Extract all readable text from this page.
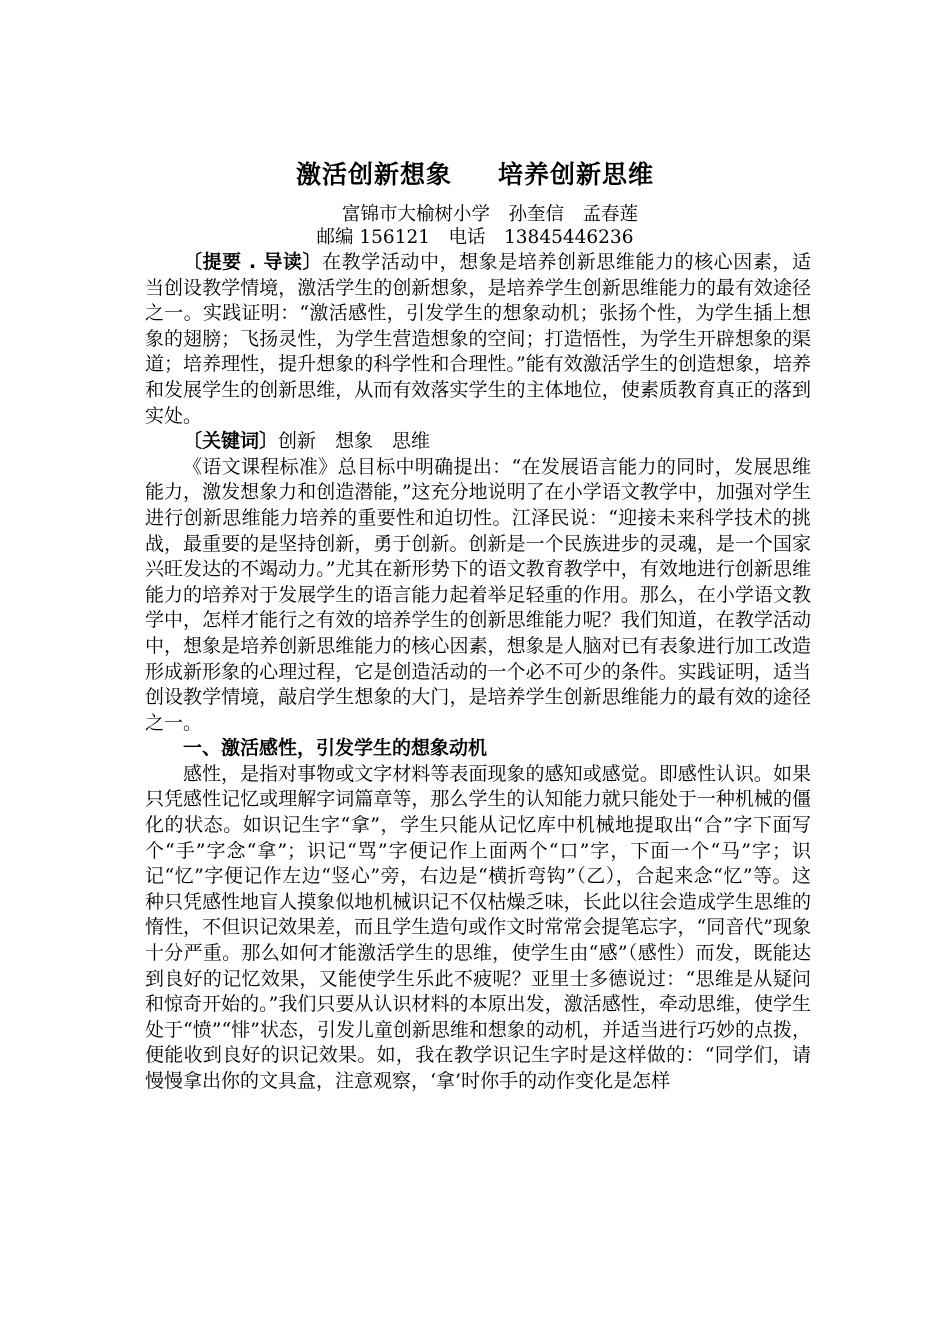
激活创新想象 培养创新思维
富锦市大榆树小学　孙奎信　孟春莲
邮编 156121　电话　13845446236

〔提要 . 导读〕在教学活动中，想象是培养创新思维能力的核心因素，适当创设教学情境，激活学生的创新想象，是培养学生创新思维能力的最有效途径之一。实践证明：“激活感性，引发学生的想象动机；张扬个性，为学生插上想象的翅膀；飞扬灵性，为学生营造想象的空间；打造悟性，为学生开辟想象的渠道；培养理性，提升想象的科学性和合理性。”能有效激活学生的创造想象，培养和发展学生的创新思维，从而有效落实学生的主体地位，使素质教育真正的落到实处。

〔关键词〕创新　想象　思维

《语文课程标准》总目标中明确提出：“在发展语言能力的同时，发展思维能力，激发想象力和创造潜能，”这充分地说明了在小学语文教学中，加强对学生进行创新思维能力培养的重要性和迫切性。江泽民说：“迎接未来科学技术的挑战，最重要的是坚持创新，勇于创新。创新是一个民族进步的灵魂，是一个国家兴旺发达的不竭动力。”尤其在新形势下的语文教育教学中，有效地进行创新思维能力的培养对于发展学生的语言能力起着举足轻重的作用。那么，在小学语文教学中，怎样才能行之有效的培养学生的创新思维能力呢？我们知道，在教学活动中，想象是培养创新思维能力的核心因素，想象是人脑对已有表象进行加工改造形成新形象的心理过程，它是创造活动的一个必不可少的条件。实践证明，适当创设教学情境，敲启学生想象的大门，是培养学生创新思维能力的最有效的途径之一。

一、激活感性，引发学生的想象动机

感性，是指对事物或文字材料等表面现象的感知或感觉。即感性认识。如果只凭感性记忆或理解字词篇章等，那么学生的认知能力就只能处于一种机械的僵化的状态。如识记生字“拿”，学生只能从记忆库中机械地提取出“合”字下面写个“手”字念“拿”；识记“骂”字便记作上面两个“口”字，下面一个“马”字；识记“忆”字便记作左边“竖心”旁，右边是“横折弯钩”（乙），合起来念“忆”等。这种只凭感性地盲人摸象似地机械识记不仅枯燥乏味，长此以往会造成学生思维的惰性，不但识记效果差，而且学生造句或作文时常常会提笔忘字，“同音代”现象十分严重。那么如何才能激活学生的思维，使学生由“感”（感性）而发，既能达到良好的记忆效果，又能使学生乐此不疲呢？亚里士多德说过：“思维是从疑问和惊奇开始的。”我们只要从认识材料的本原出发，激活感性，牵动思维，使学生处于“愤”“悱”状态，引发儿童创新思维和想象的动机，并适当进行巧妙的点拨，便能收到良好的识记效果。如，我在教学识记生字时是这样做的：“同学们，请慢慢拿出你的文具盒，注意观察，‘拿’时你手的动作变化是怎样
